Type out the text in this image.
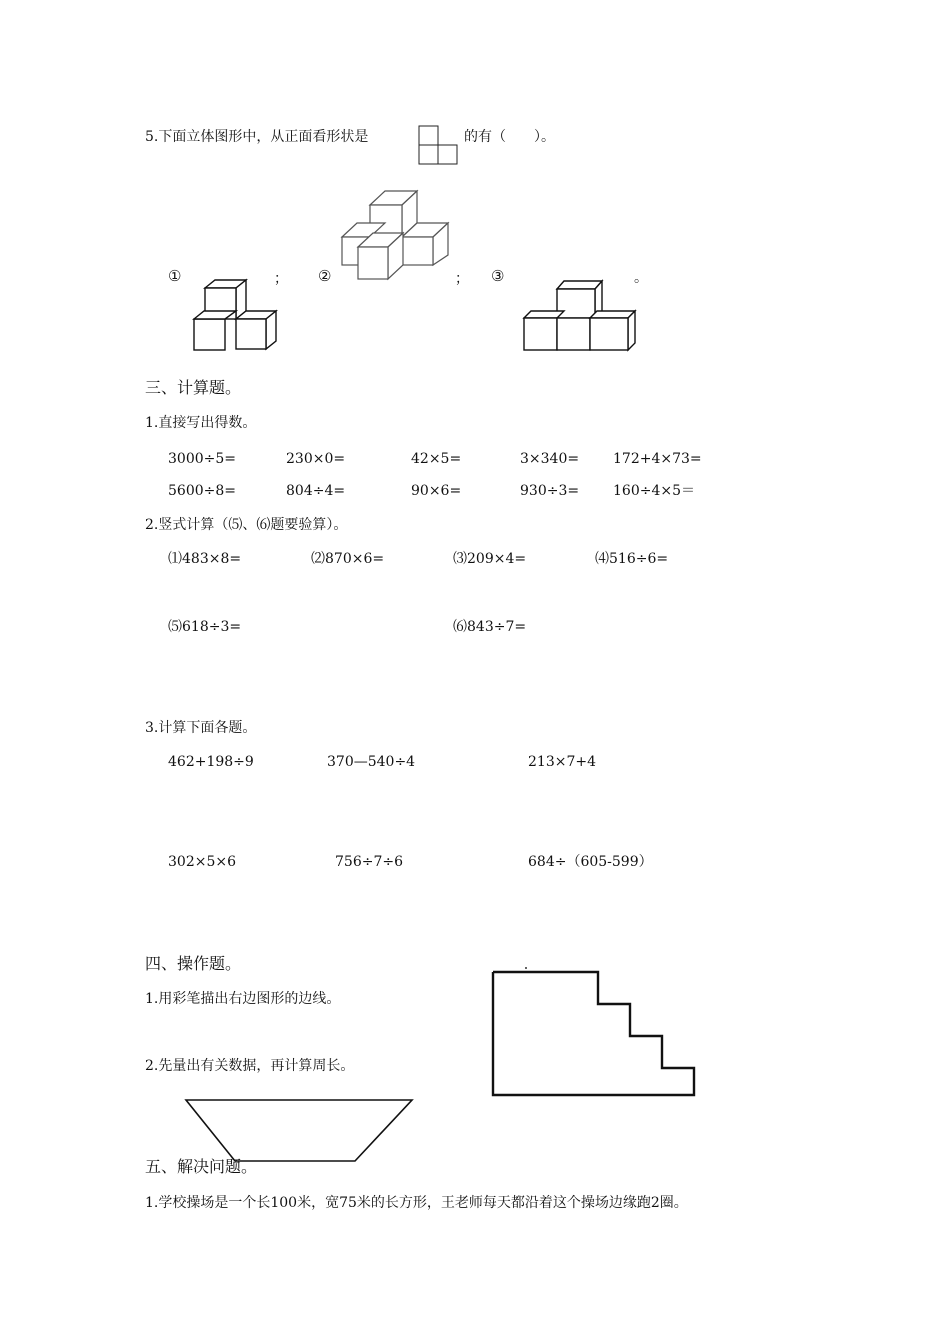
5.下面立体图形中，从正面看形状是	的有（　　）。
①	； ②	； ③	。
三、计算题。
1.直接写出得数。
3000÷5=	230×0=	42×5=	3×340= 172+4×73=
5600÷8=	804÷4=	90×6=	930÷3= 160÷4×5＝
2.竖式计算（⑸、⑹题要验算）。
⑴483×8=	⑵870×6=	⑶209×4=	⑷516÷6=
⑸618÷3=	⑹843÷7=
3.计算下面各题。
462+198÷9	370—540÷4	213×7+4
302×5×6	756÷7÷6	684÷（605-599）
四、操作题。
1.用彩笔描出右边图形的边线。
2.先量出有关数据，再计算周长。
五、解决问题。
1.学校操场是一个长100米，宽75米的长方形，王老师每天都沿着这个操场边缘跑2圈。
